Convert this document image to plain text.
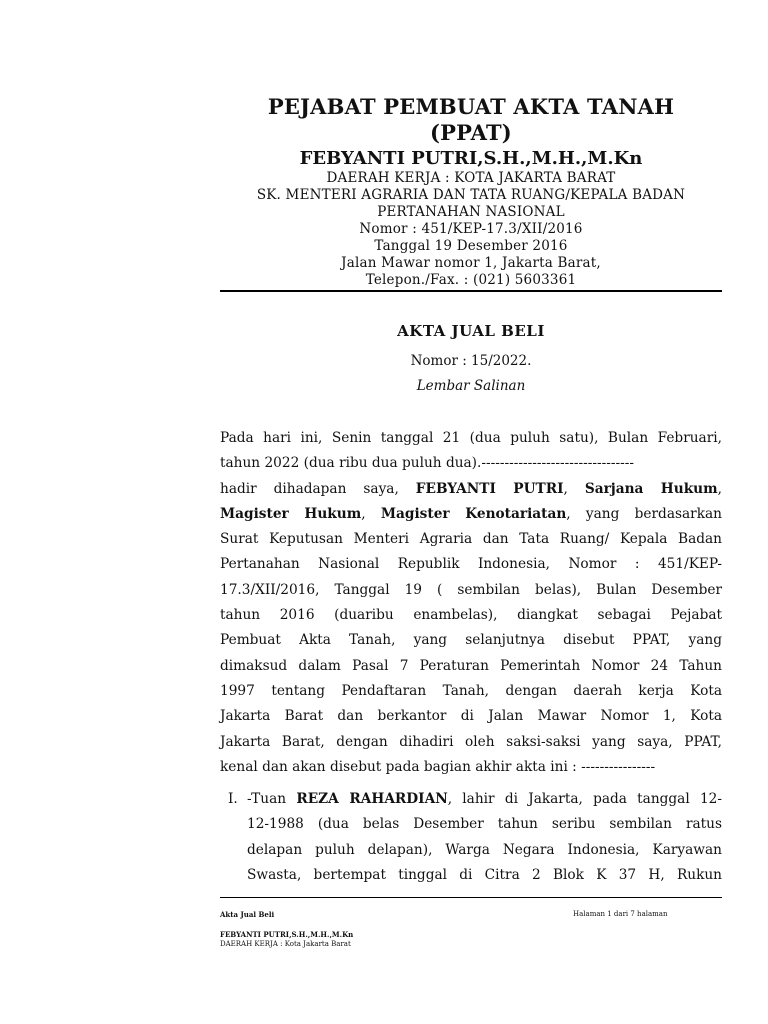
PEJABAT PEMBUAT AKTA TANAH
(PPAT)
FEBYANTI PUTRI,S.H.,M.H.,M.Kn
DAERAH KERJA : KOTA JAKARTA BARAT
SK. MENTERI AGRARIA DAN TATA RUANG/KEPALA BADAN
PERTANAHAN NASIONAL
Nomor : 451/KEP-17.3/XII/2016
Tanggal 19 Desember 2016
Jalan Mawar nomor 1, Jakarta Barat,
Telepon./Fax. : (021) 5603361
AKTA JUAL BELI
Nomor : 15/2022.
Lembar Salinan
Pada hari ini, Senin tanggal 21 (dua puluh satu), Bulan Februari,
tahun 2022 (dua ribu dua puluh dua).---------------------------------
hadir dihadapan saya, FEBYANTI PUTRI, Sarjana Hukum,
Magister Hukum, Magister Kenotariatan, yang berdasarkan
Surat Keputusan Menteri Agraria dan Tata Ruang/ Kepala Badan
Pertanahan Nasional Republik Indonesia, Nomor : 451/KEP-
17.3/XII/2016, Tanggal 19 ( sembilan belas), Bulan Desember
tahun 2016 (duaribu enambelas), diangkat sebagai Pejabat
Pembuat Akta Tanah, yang selanjutnya disebut PPAT, yang
dimaksud dalam Pasal 7 Peraturan Pemerintah Nomor 24 Tahun
1997 tentang Pendaftaran Tanah, dengan daerah kerja Kota
Jakarta Barat dan berkantor di Jalan Mawar Nomor 1, Kota
Jakarta Barat, dengan dihadiri oleh saksi-saksi yang saya, PPAT,
kenal dan akan disebut pada bagian akhir akta ini : ----------------
I. -Tuan REZA RAHARDIAN, lahir di Jakarta, pada tanggal 12-
12-1988 (dua belas Desember tahun seribu sembilan ratus
delapan puluh delapan), Warga Negara Indonesia, Karyawan
Swasta, bertempat tinggal di Citra 2 Blok K 37 H, Rukun
Akta Jual Beli	Halaman 1 dari 7 halaman
FEBYANTI PUTRI,S.H.,M.H.,M.Kn
DAERAH KERJA : Kota Jakarta Barat
